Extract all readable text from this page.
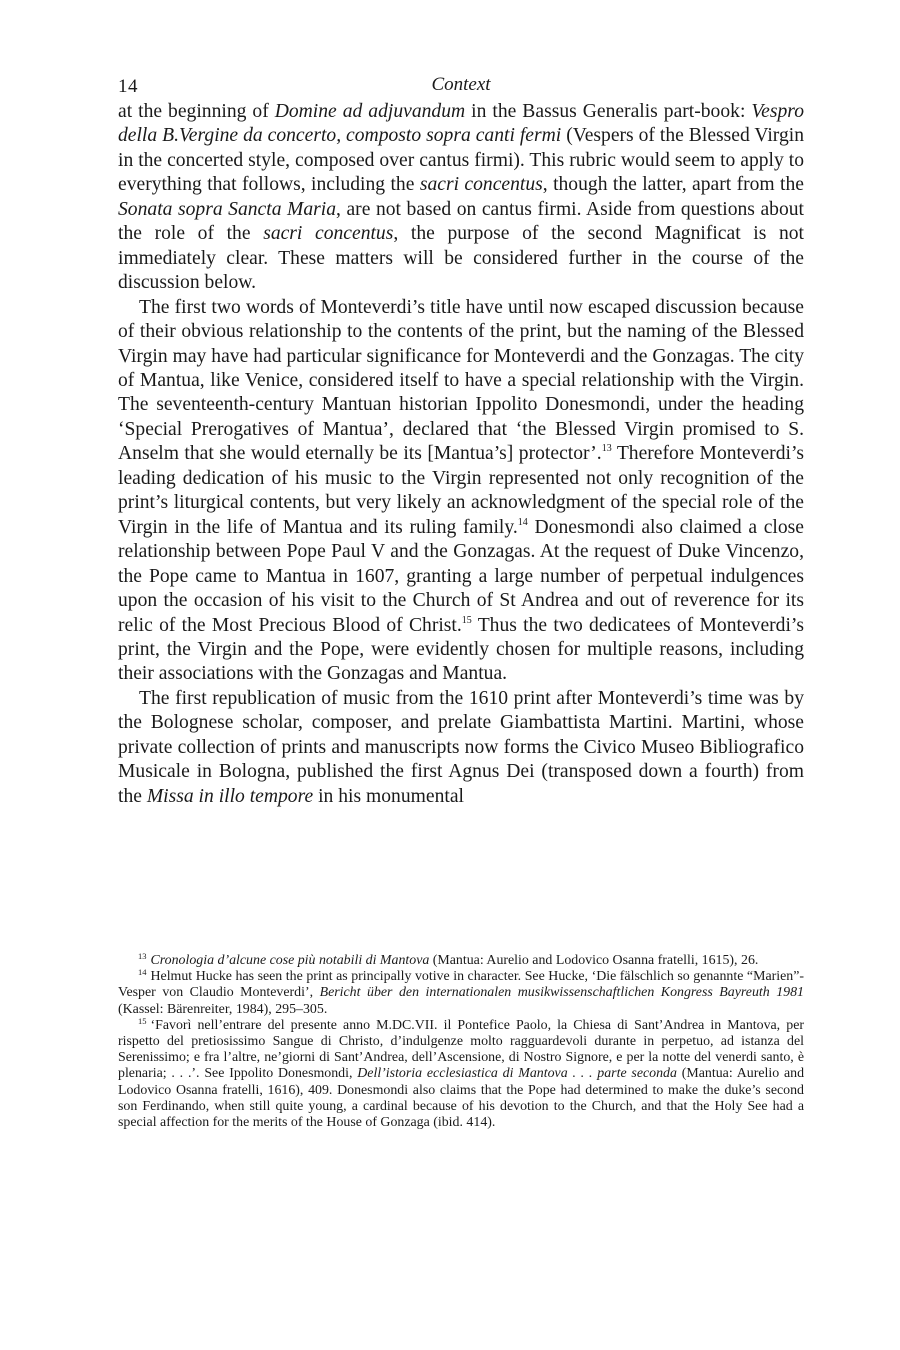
14	Context

at the beginning of Domine ad adjuvandum in the Bassus Generalis part-book: Vespro della B.Vergine da concerto, composto sopra canti fermi (Vespers of the Blessed Virgin in the concerted style, composed over cantus firmi). This rubric would seem to apply to everything that follows, including the sacri concentus, though the latter, apart from the Sonata sopra Sancta Maria, are not based on cantus firmi. Aside from questions about the role of the sacri concentus, the purpose of the second Magnificat is not immediately clear. These matters will be considered further in the course of the discussion below.

The first two words of Monteverdi’s title have until now escaped discussion because of their obvious relationship to the contents of the print, but the naming of the Blessed Virgin may have had particular significance for Monteverdi and the Gonzagas. The city of Mantua, like Venice, considered itself to have a special relationship with the Virgin. The seventeenth-century Mantuan historian Ippolito Donesmondi, under the heading ‘Special Prerogatives of Mantua’, declared that ‘the Blessed Virgin promised to S. Anselm that she would eternally be its [Mantua’s] protector’.$^{13}$ Therefore Monteverdi’s leading dedication of his music to the Virgin represented not only recognition of the print’s liturgical contents, but very likely an acknowledgment of the special role of the Virgin in the life of Mantua and its ruling family.$^{14}$ Donesmondi also claimed a close relationship between Pope Paul V and the Gonzagas. At the request of Duke Vincenzo, the Pope came to Mantua in 1607, granting a large number of perpetual indulgences upon the occasion of his visit to the Church of St Andrea and out of reverence for its relic of the Most Precious Blood of Christ.$^{15}$ Thus the two dedicatees of Monteverdi’s print, the Virgin and the Pope, were evidently chosen for multiple reasons, including their associations with the Gonzagas and Mantua.

The first republication of music from the 1610 print after Monteverdi’s time was by the Bolognese scholar, composer, and prelate Giambattista Martini. Martini, whose private collection of prints and manuscripts now forms the Civico Museo Bibliografico Musicale in Bologna, published the first Agnus Dei (transposed down a fourth) from the Missa in illo tempore in his monumental

$^{13}$ Cronologia d’alcune cose più notabili di Mantova (Mantua: Aurelio and Lodovico Osanna fratelli, 1615), 26.

$^{14}$ Helmut Hucke has seen the print as principally votive in character. See Hucke, ‘Die fälschlich so genannte “Marien”-Vesper von Claudio Monteverdi’, Bericht über den internationalen musikwissenschaftlichen Kongress Bayreuth 1981 (Kassel: Bärenreiter, 1984), 295–305.

$^{15}$ ‘Favorì nell’entrare del presente anno M.DC.VII. il Pontefice Paolo, la Chiesa di Sant’Andrea in Mantova, per rispetto del pretiosissimo Sangue di Christo, d’indulgenze molto ragguardevoli durante in perpetuo, ad istanza del Serenissimo; e fra l’altre, ne’giorni di Sant’Andrea, dell’Ascensione, di Nostro Signore, e per la notte del venerdi santo, è plenaria; . . .’. See Ippolito Donesmondi, Dell’istoria ecclesiastica di Mantova . . . parte seconda (Mantua: Aurelio and Lodovico Osanna fratelli, 1616), 409. Donesmondi also claims that the Pope had determined to make the duke’s second son Ferdinando, when still quite young, a cardinal because of his devotion to the Church, and that the Holy See had a special affection for the merits of the House of Gonzaga (ibid. 414).
